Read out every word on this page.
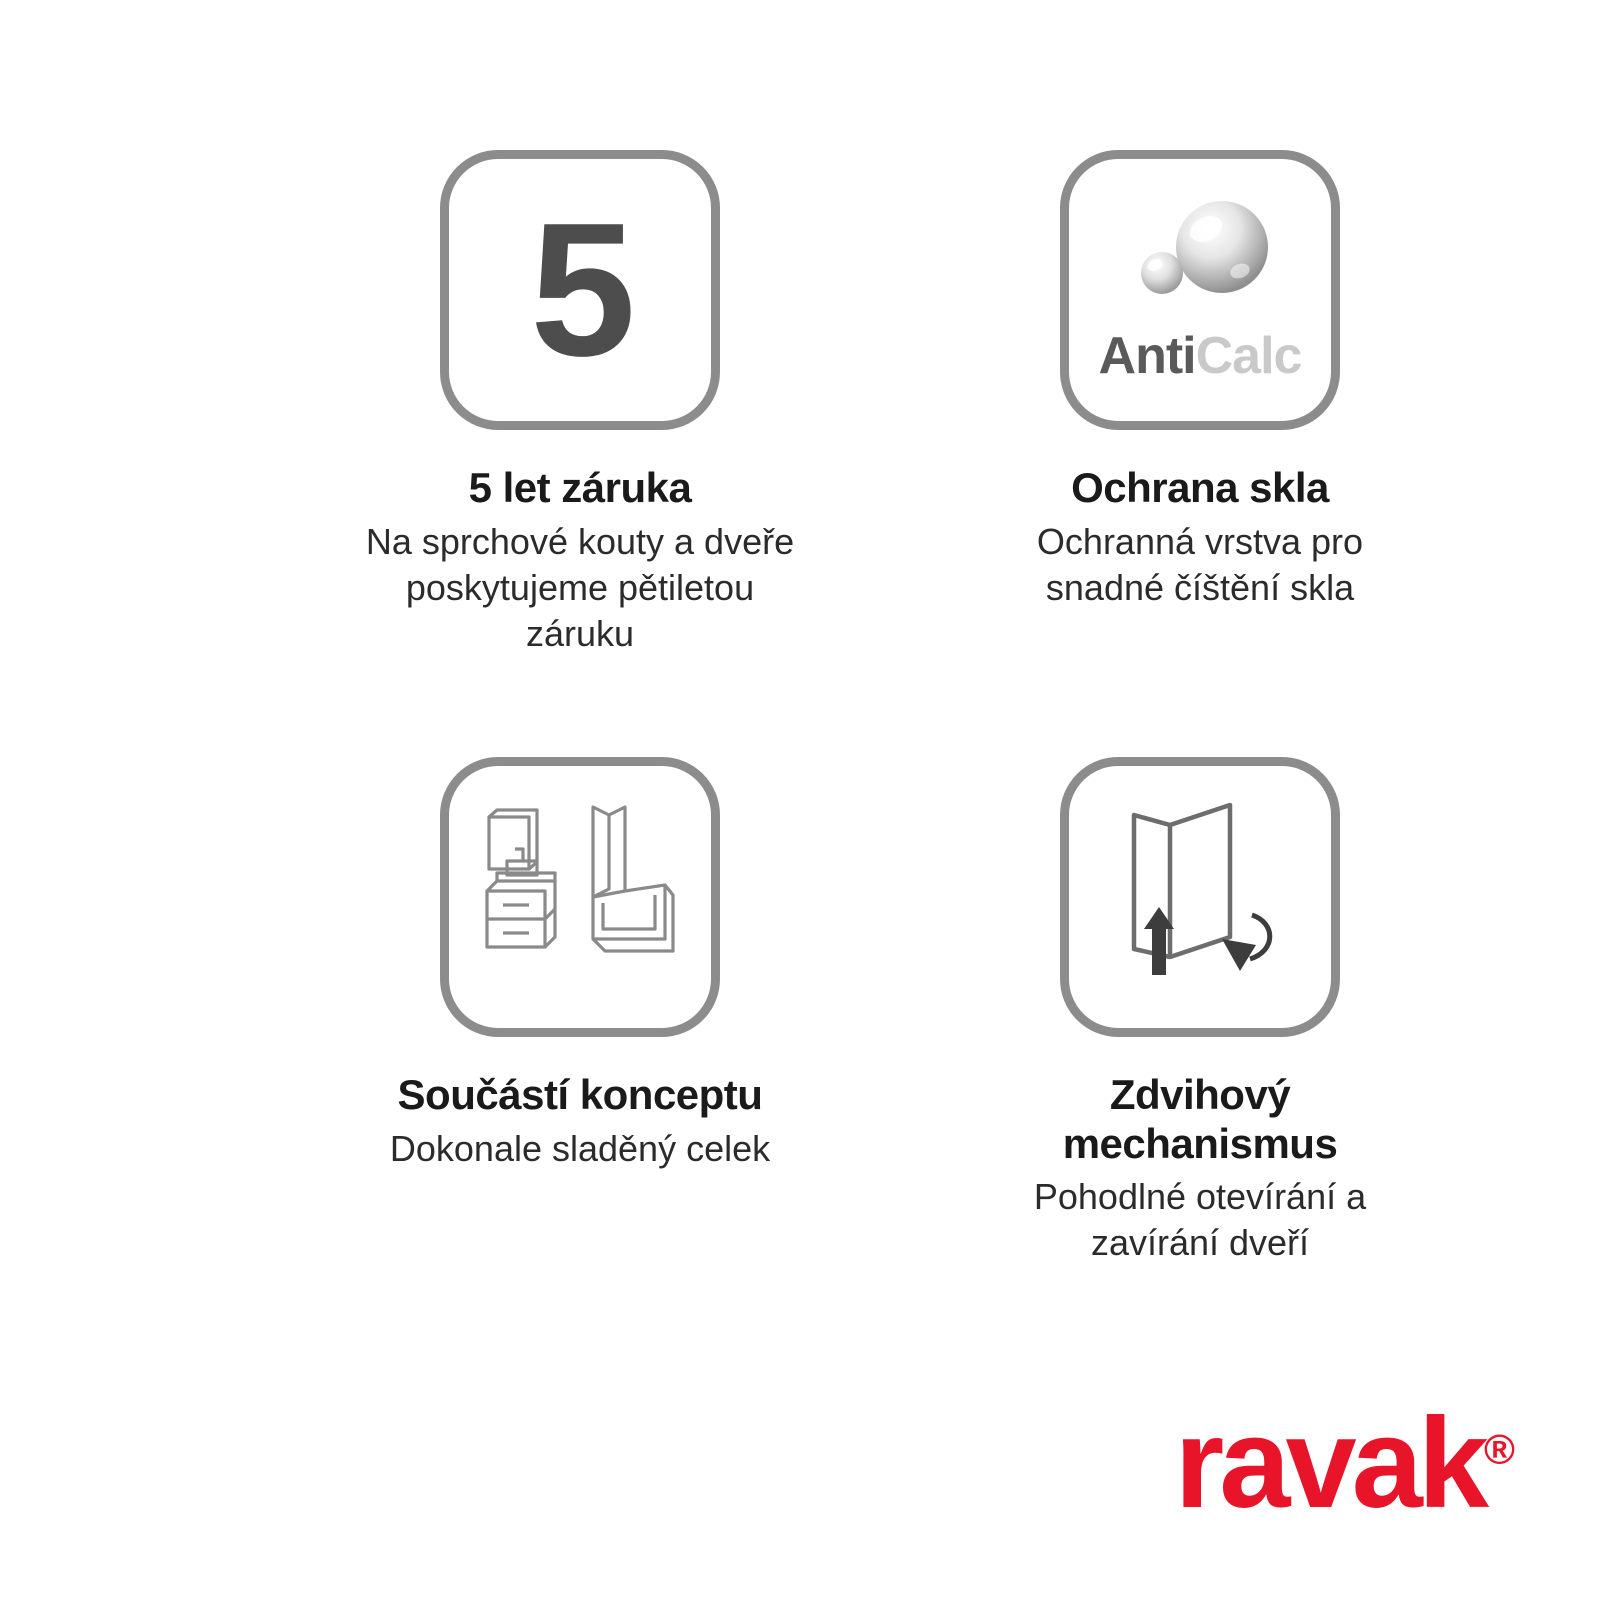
5
5 let záruka
Na sprchové kouty a dveře poskytujeme pětiletou záruku
AntiCalc
Ochrana skla
Ochranná vrstva pro snadné číštění skla
Součástí konceptu
Dokonale sladěný celek
Zdvihový mechanismus
Pohodlné otevírání a zavírání dveří
ravak®
